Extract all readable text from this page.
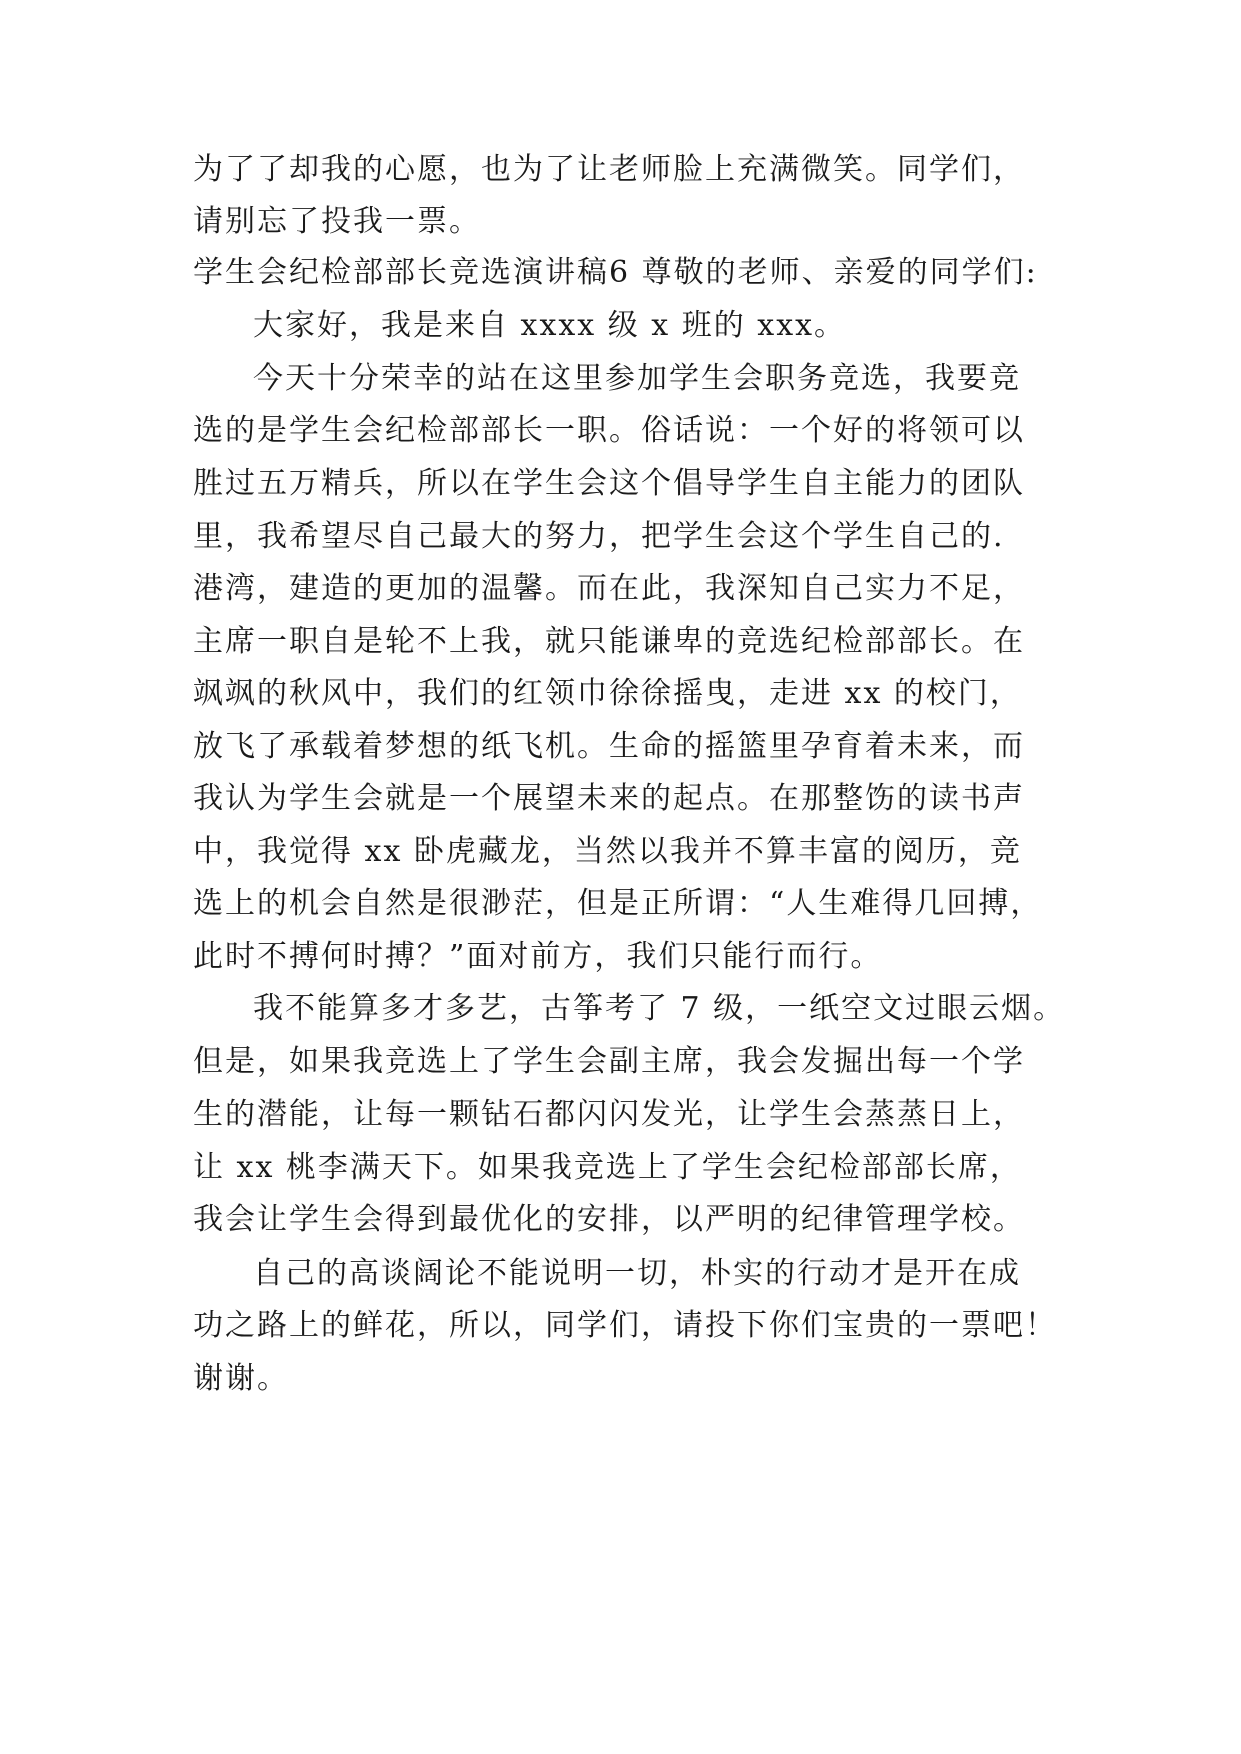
为了了却我的心愿，也为了让老师脸上充满微笑。同学们，
请别忘了投我一票。
学生会纪检部部长竞选演讲稿6 尊敬的老师、亲爱的同学们:
大家好，我是来自 xxxx 级 x 班的 xxx。
今天十分荣幸的站在这里参加学生会职务竞选，我要竞
选的是学生会纪检部部长一职。俗话说：一个好的将领可以
胜过五万精兵，所以在学生会这个倡导学生自主能力的团队
里，我希望尽自己最大的努力，把学生会这个学生自己的.
港湾，建造的更加的温馨。而在此，我深知自己实力不足，
主席一职自是轮不上我，就只能谦卑的竞选纪检部部长。在
飒飒的秋风中，我们的红领巾徐徐摇曳，走进 xx 的校门，
放飞了承载着梦想的纸飞机。生命的摇篮里孕育着未来，而
我认为学生会就是一个展望未来的起点。在那整饬的读书声
中，我觉得 xx 卧虎藏龙，当然以我并不算丰富的阅历，竞
选上的机会自然是很渺茫，但是正所谓：“人生难得几回搏，
此时不搏何时搏？”面对前方，我们只能行而行。
我不能算多才多艺，古筝考了 7 级，一纸空文过眼云烟。
但是，如果我竞选上了学生会副主席，我会发掘出每一个学
生的潜能，让每一颗钻石都闪闪发光，让学生会蒸蒸日上，
让 xx 桃李满天下。如果我竞选上了学生会纪检部部长席，
我会让学生会得到最优化的安排，以严明的纪律管理学校。
自己的高谈阔论不能说明一切，朴实的行动才是开在成
功之路上的鲜花，所以，同学们，请投下你们宝贵的一票吧！
谢谢。
